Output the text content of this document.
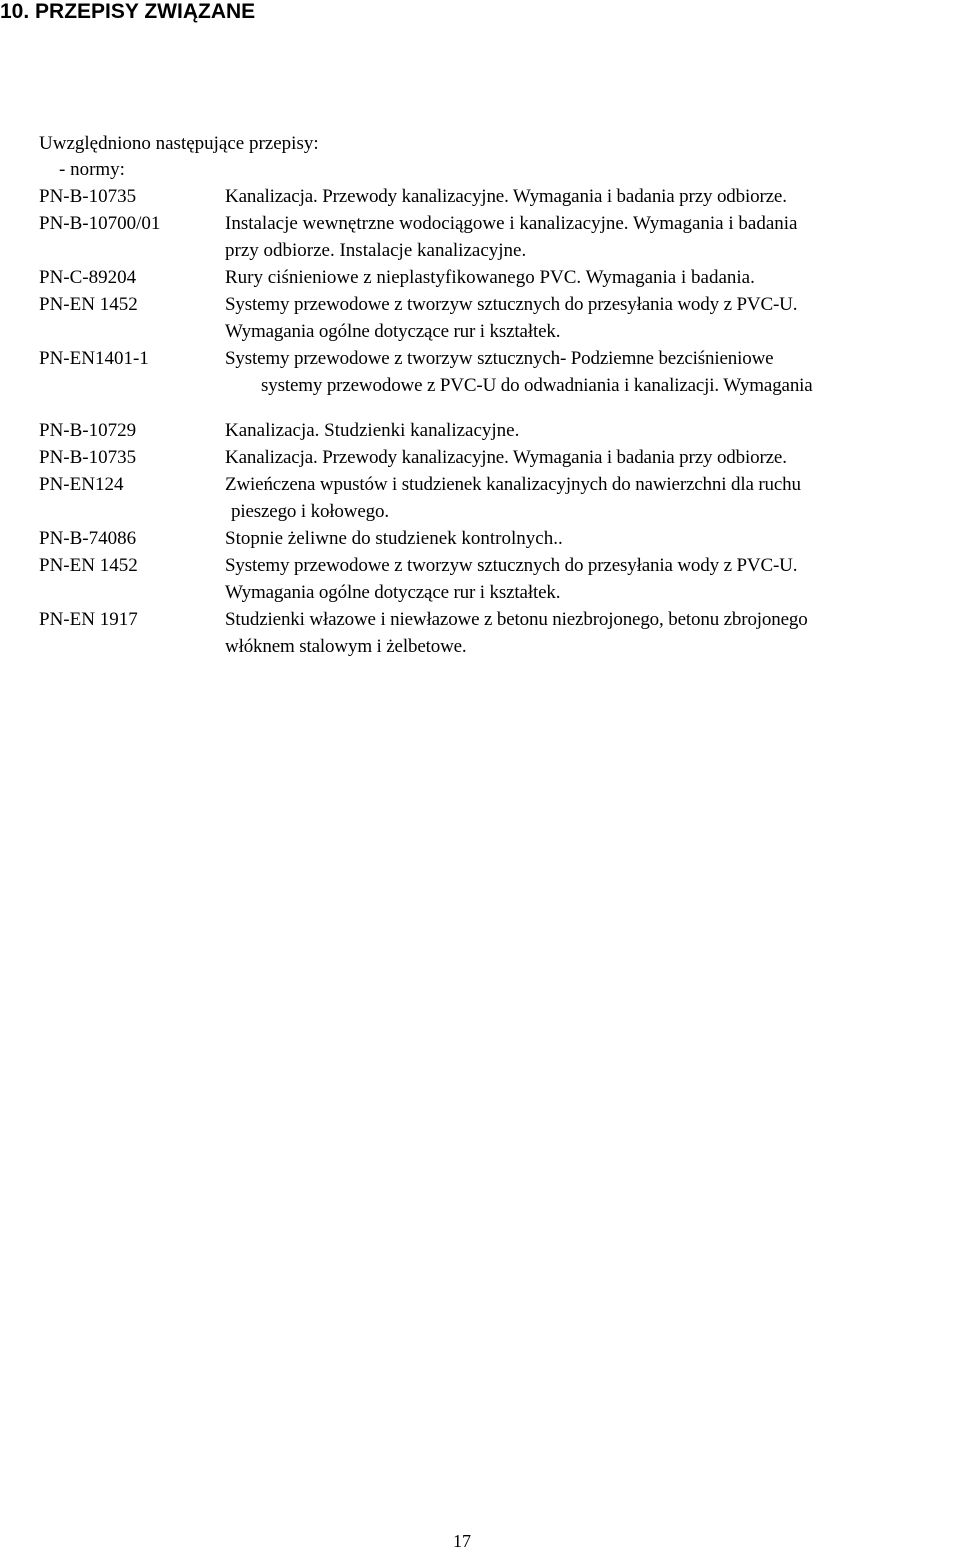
10. PRZEPISY ZWIĄZANE
Uwzględniono następujące przepisy:
- normy:
PN-B-10735	Kanalizacja. Przewody kanalizacyjne. Wymagania i badania przy odbiorze.
PN-B-10700/01	Instalacje wewnętrzne wodociągowe i kanalizacyjne. Wymagania i badania
przy odbiorze. Instalacje kanalizacyjne.
PN-C-89204	Rury ciśnieniowe z nieplastyfikowanego PVC. Wymagania i badania.
PN-EN 1452	Systemy przewodowe z tworzyw sztucznych do przesyłania wody z PVC-U.
Wymagania ogólne dotyczące rur i kształtek.
PN-EN1401-1	Systemy przewodowe z tworzyw sztucznych- Podziemne bezciśnieniowe
systemy przewodowe z PVC-U do odwadniania i kanalizacji. Wymagania
PN-B-10729	Kanalizacja. Studzienki kanalizacyjne.
PN-B-10735	Kanalizacja. Przewody kanalizacyjne. Wymagania i badania przy odbiorze.
PN-EN124	Zwieńczena wpustów i studzienek kanalizacyjnych do nawierzchni dla ruchu
pieszego i kołowego.
PN-B-74086	Stopnie żeliwne do studzienek kontrolnych..
PN-EN 1452	Systemy przewodowe z tworzyw sztucznych do przesyłania wody z PVC-U.
Wymagania ogólne dotyczące rur i kształtek.
PN-EN 1917	Studzienki włazowe i niewłazowe z betonu niezbrojonego, betonu zbrojonego
włóknem stalowym i żelbetowe.
17
